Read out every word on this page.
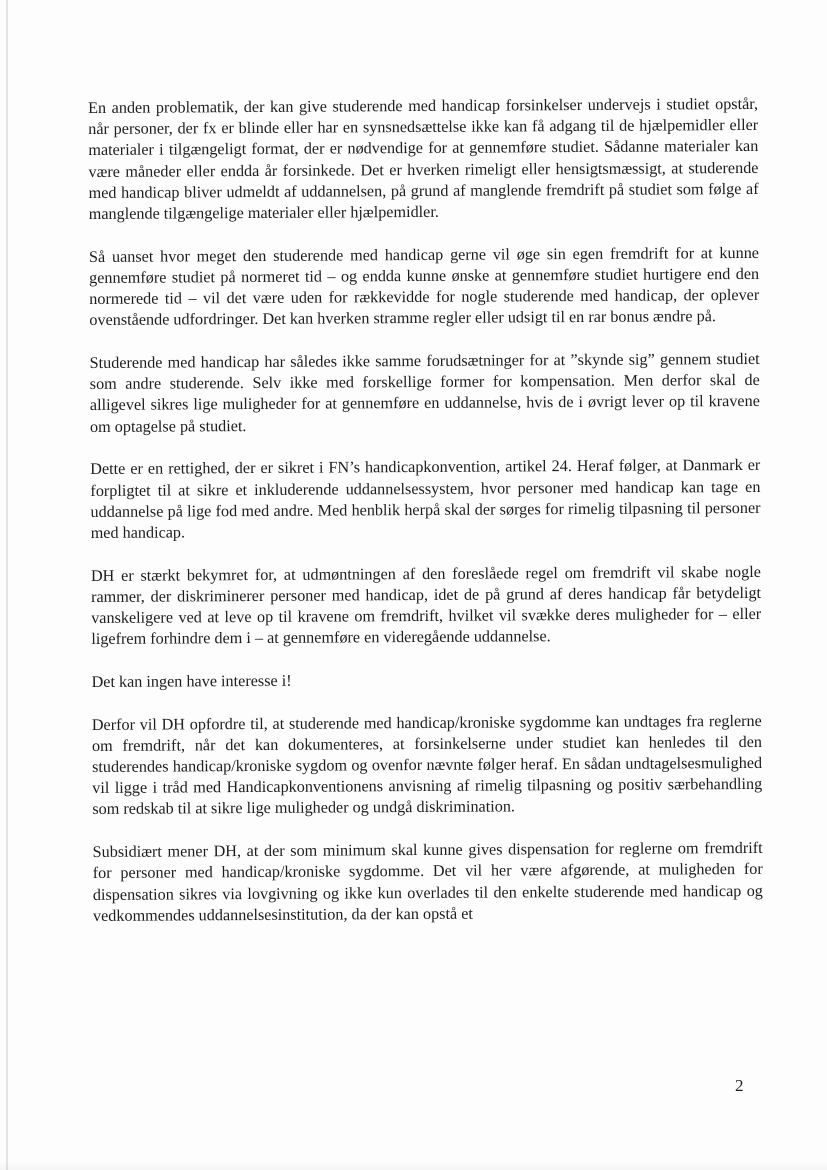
En anden problematik, der kan give studerende med handicap forsinkelser undervejs i studiet opstår, når personer, der fx er blinde eller har en synsnedsættelse ikke kan få adgang til de hjælpemidler eller materialer i tilgængeligt format, der er nødvendige for at gennemføre studiet. Sådanne materialer kan være måneder eller endda år forsinkede. Det er hverken rimeligt eller hensigtsmæssigt, at studerende med handicap bliver udmeldt af uddannelsen, på grund af manglende fremdrift på studiet som følge af manglende tilgængelige materialer eller hjælpemidler.

Så uanset hvor meget den studerende med handicap gerne vil øge sin egen fremdrift for at kunne gennemføre studiet på normeret tid – og endda kunne ønske at gennemføre studiet hurtigere end den normerede tid – vil det være uden for rækkevidde for nogle studerende med handicap, der oplever ovenstående udfordringer. Det kan hverken stramme regler eller udsigt til en rar bonus ændre på.

Studerende med handicap har således ikke samme forudsætninger for at ”skynde sig” gennem studiet som andre studerende. Selv ikke med forskellige former for kompensation. Men derfor skal de alligevel sikres lige muligheder for at gennemføre en uddannelse, hvis de i øvrigt lever op til kravene om optagelse på studiet.

Dette er en rettighed, der er sikret i FN’s handicapkonvention, artikel 24. Heraf følger, at Danmark er forpligtet til at sikre et inkluderende uddannelsessystem, hvor personer med handicap kan tage en uddannelse på lige fod med andre. Med henblik herpå skal der sørges for rimelig tilpasning til personer med handicap.

DH er stærkt bekymret for, at udmøntningen af den foreslåede regel om fremdrift vil skabe nogle rammer, der diskriminerer personer med handicap, idet de på grund af deres handicap får betydeligt vanskeligere ved at leve op til kravene om fremdrift, hvilket vil svække deres muligheder for – eller ligefrem forhindre dem i – at gennemføre en videregående uddannelse.

Det kan ingen have interesse i!

Derfor vil DH opfordre til, at studerende med handicap/kroniske sygdomme kan undtages fra reglerne om fremdrift, når det kan dokumenteres, at forsinkelserne under studiet kan henledes til den studerendes handicap/kroniske sygdom og ovenfor nævnte følger heraf. En sådan undtagelsesmulighed vil ligge i tråd med Handicapkonventionens anvisning af rimelig tilpasning og positiv særbehandling som redskab til at sikre lige muligheder og undgå diskrimination.

Subsidiært mener DH, at der som minimum skal kunne gives dispensation for reglerne om fremdrift for personer med handicap/kroniske sygdomme. Det vil her være afgørende, at muligheden for dispensation sikres via lovgivning og ikke kun overlades til den enkelte studerende med handicap og vedkommendes uddannelsesinstitution, da der kan opstå et

2
